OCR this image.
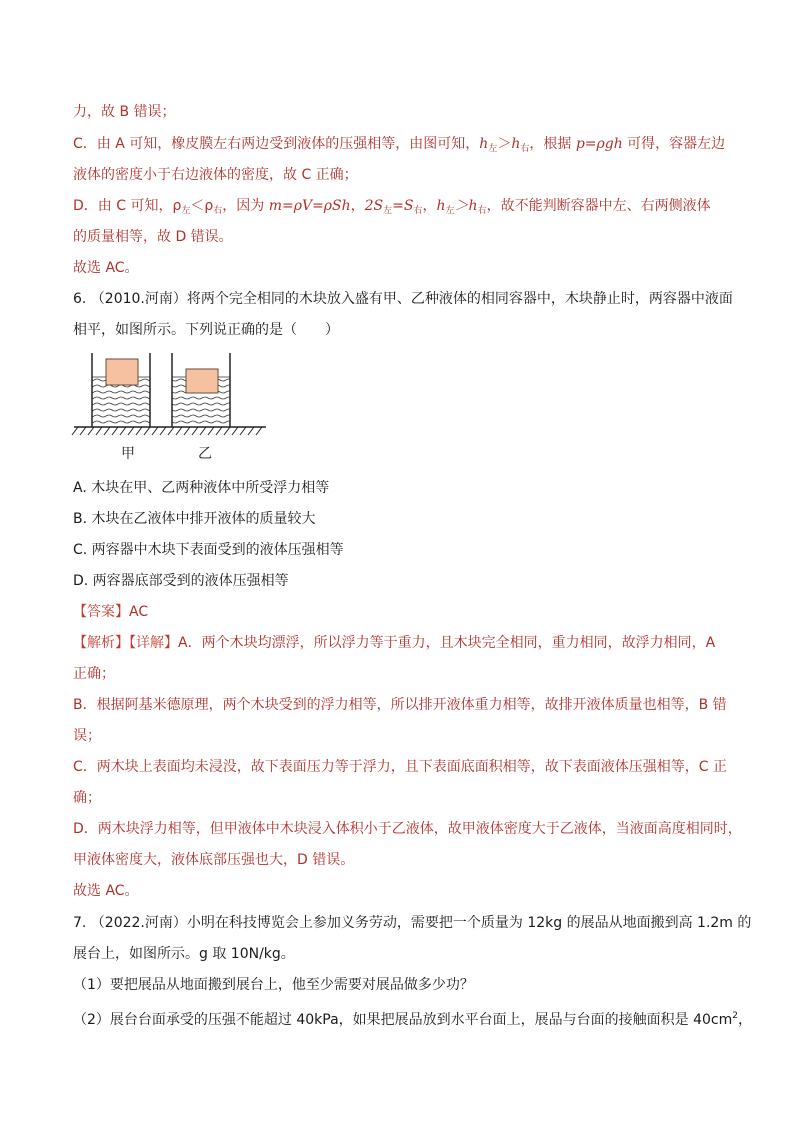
力，故 B 错误；
C．由 A 可知，橡皮膜左右两边受到液体的压强相等，由图可知，$h_左>h_右$，根据 p=ρgh 可得，容器左边
液体的密度小于右边液体的密度，故 C 正确；
D．由 C 可知，$\rho_左<\rho_右$，因为 m=ρV=ρSh，$2S_左=S_右$，$h_左>h_右$，故不能判断容器中左、右两侧液体
的质量相等，故 D 错误。
故选 AC。
6. （2010.河南）将两个完全相同的木块放入盛有甲、乙种液体的相同容器中，木块静止时，两容器中液面
相平，如图所示。下列说正确的是（　　）
甲	乙
A. 木块在甲、乙两种液体中所受浮力相等
B. 木块在乙液体中排开液体的质量较大
C. 两容器中木块下表面受到的液体压强相等
D. 两容器底部受到的液体压强相等
【答案】AC
【解析】【详解】A．两个木块均漂浮，所以浮力等于重力，且木块完全相同，重力相同，故浮力相同，A
正确；
B．根据阿基米德原理，两个木块受到的浮力相等，所以排开液体重力相等，故排开液体质量也相等，B 错
误；
C．两木块上表面均未浸没，故下表面压力等于浮力，且下表面底面积相等，故下表面液体压强相等，C 正
确；
D．两木块浮力相等，但甲液体中木块浸入体积小于乙液体，故甲液体密度大于乙液体，当液面高度相同时，
甲液体密度大，液体底部压强也大，D 错误。
故选 AC。
7. （2022.河南）小明在科技博览会上参加义务劳动，需要把一个质量为 12kg 的展品从地面搬到高 1.2m 的
展台上，如图所示。g 取 10N/kg。
（1）要把展品从地面搬到展台上，他至少需要对展品做多少功？
（2）展台台面承受的压强不能超过 40kPa，如果把展品放到水平台面上，展品与台面的接触面积是 $40cm^2$，
